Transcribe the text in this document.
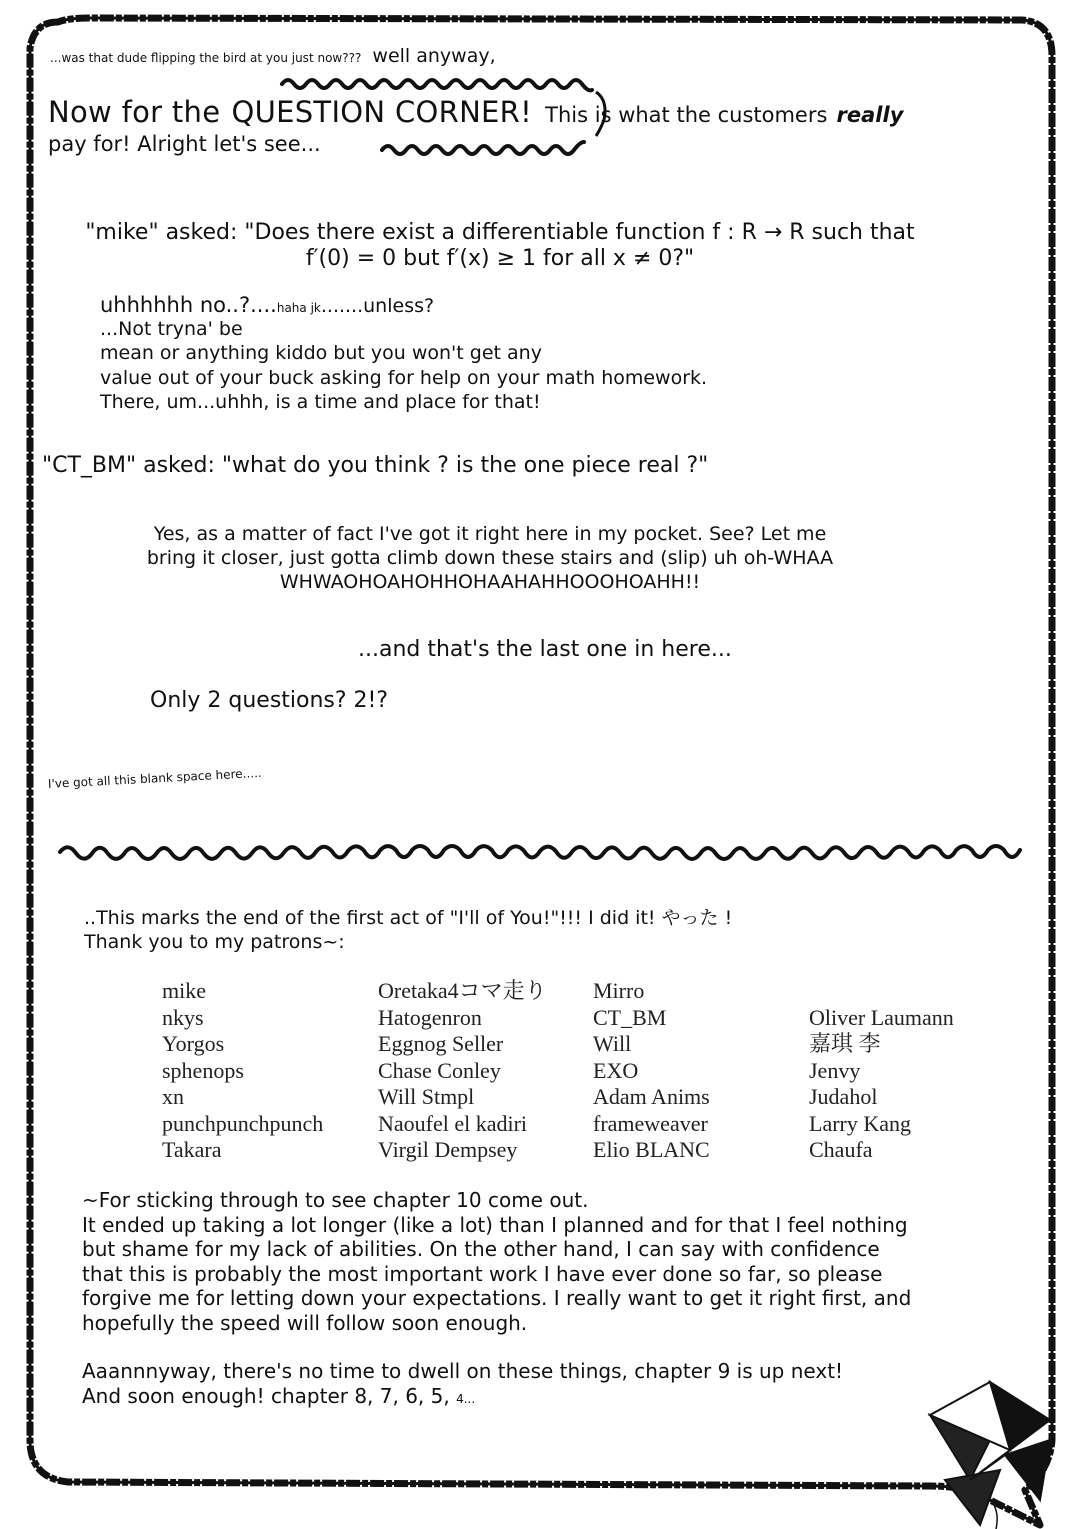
...was that dude flipping the bird at you just now??? well anyway,
Now for the QUESTION CORNER! This is what the customers really
pay for! Alright let's see...
"mike" asked: "Does there exist a differentiable function f : R → R such that
f′(0) = 0 but f′(x) ≥ 1 for all x ≠ 0?"
uhhhhhh no..?....haha jk.......unless?
...Not tryna' be
mean or anything kiddo but you won't get any
value out of your buck asking for help on your math homework.
There, um...uhhh, is a time and place for that!
"CT_BM" asked: "what do you think ? is the one piece real ?"
Yes, as a matter of fact I've got it right here in my pocket. See? Let me
bring it closer, just gotta climb down these stairs and (slip) uh oh-WHAA
WHWAOHOAHOHHOHAAHAHHOOOHOAHH!!
...and that's the last one in here...
Only 2 questions? 2!?
I've got all this blank space here.....
..This marks the end of the first act of "I'll of You!"!!! I did it! やった !
Thank you to my patrons~:
mike
nkys
Yorgos
sphenops
xn
punchpunchpunch
Takara
Oretaka4コマ走り
Hatogenron
Eggnog Seller
Chase Conley
Will Stmpl
Naoufel el kadiri
Virgil Dempsey
Mirro
CT_BM
Will
EXO
Adam Anims
frameweaver
Elio BLANC
Oliver Laumann
嘉琪 李
Jenvy
Judahol
Larry Kang
Chaufa
~For sticking through to see chapter 10 come out.
It ended up taking a lot longer (like a lot) than I planned and for that I feel nothing
but shame for my lack of abilities. On the other hand, I can say with confidence
that this is probably the most important work I have ever done so far, so please
forgive me for letting down your expectations. I really want to get it right first, and
hopefully the speed will follow soon enough.
Aaannnyway, there's no time to dwell on these things, chapter 9 is up next!
And soon enough! chapter 8, 7, 6, 5, 4...
